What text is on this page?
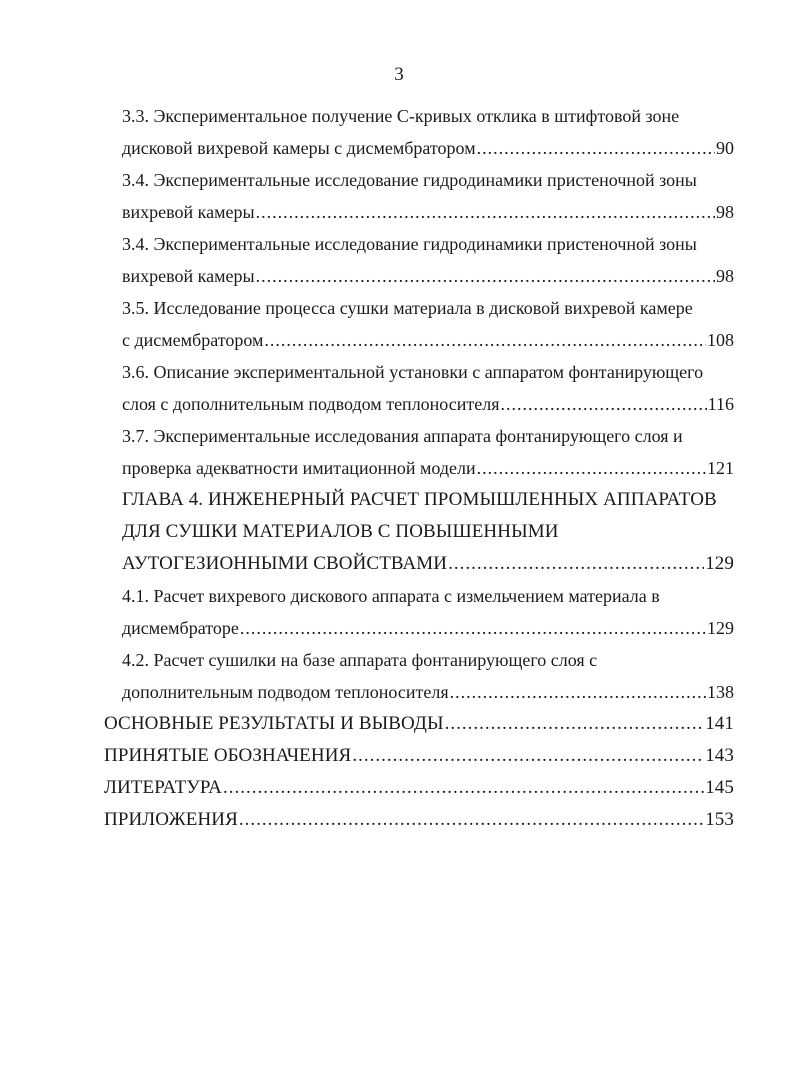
3
3.3. Экспериментальное получение С-кривых отклика в штифтовой зоне
дисковой вихревой камеры с дисмембратором .....	90
3.4. Экспериментальные исследование гидродинамики пристеночной зоны
вихревой камеры .....	98
3.4. Экспериментальные исследование гидродинамики пристеночной зоны
вихревой камеры .....	98
3.5. Исследование процесса сушки материала в дисковой вихревой камере
с дисмембратором .....	108
3.6. Описание экспериментальной установки с аппаратом фонтанирующего
слоя с дополнительным подводом теплоносителя .....	116
3.7. Экспериментальные исследования аппарата фонтанирующего слоя и
проверка адекватности имитационной модели .....	121
ГЛАВА 4. ИНЖЕНЕРНЫЙ РАСЧЕТ ПРОМЫШЛЕННЫХ АППАРАТОВ
ДЛЯ СУШКИ МАТЕРИАЛОВ С ПОВЫШЕННЫМИ
АУТОГЕЗИОННЫМИ СВОЙСТВАМИ .....	129
4.1. Расчет вихревого дискового аппарата с измельчением материала в
дисмембраторе .....	129
4.2. Расчет сушилки на базе аппарата фонтанирующего слоя с
дополнительным подводом теплоносителя .....	138
ОСНОВНЫЕ РЕЗУЛЬТАТЫ И ВЫВОДЫ .....	141
ПРИНЯТЫЕ ОБОЗНАЧЕНИЯ .....	143
ЛИТЕРАТУРА .....	145
ПРИЛОЖЕНИЯ .....	153
